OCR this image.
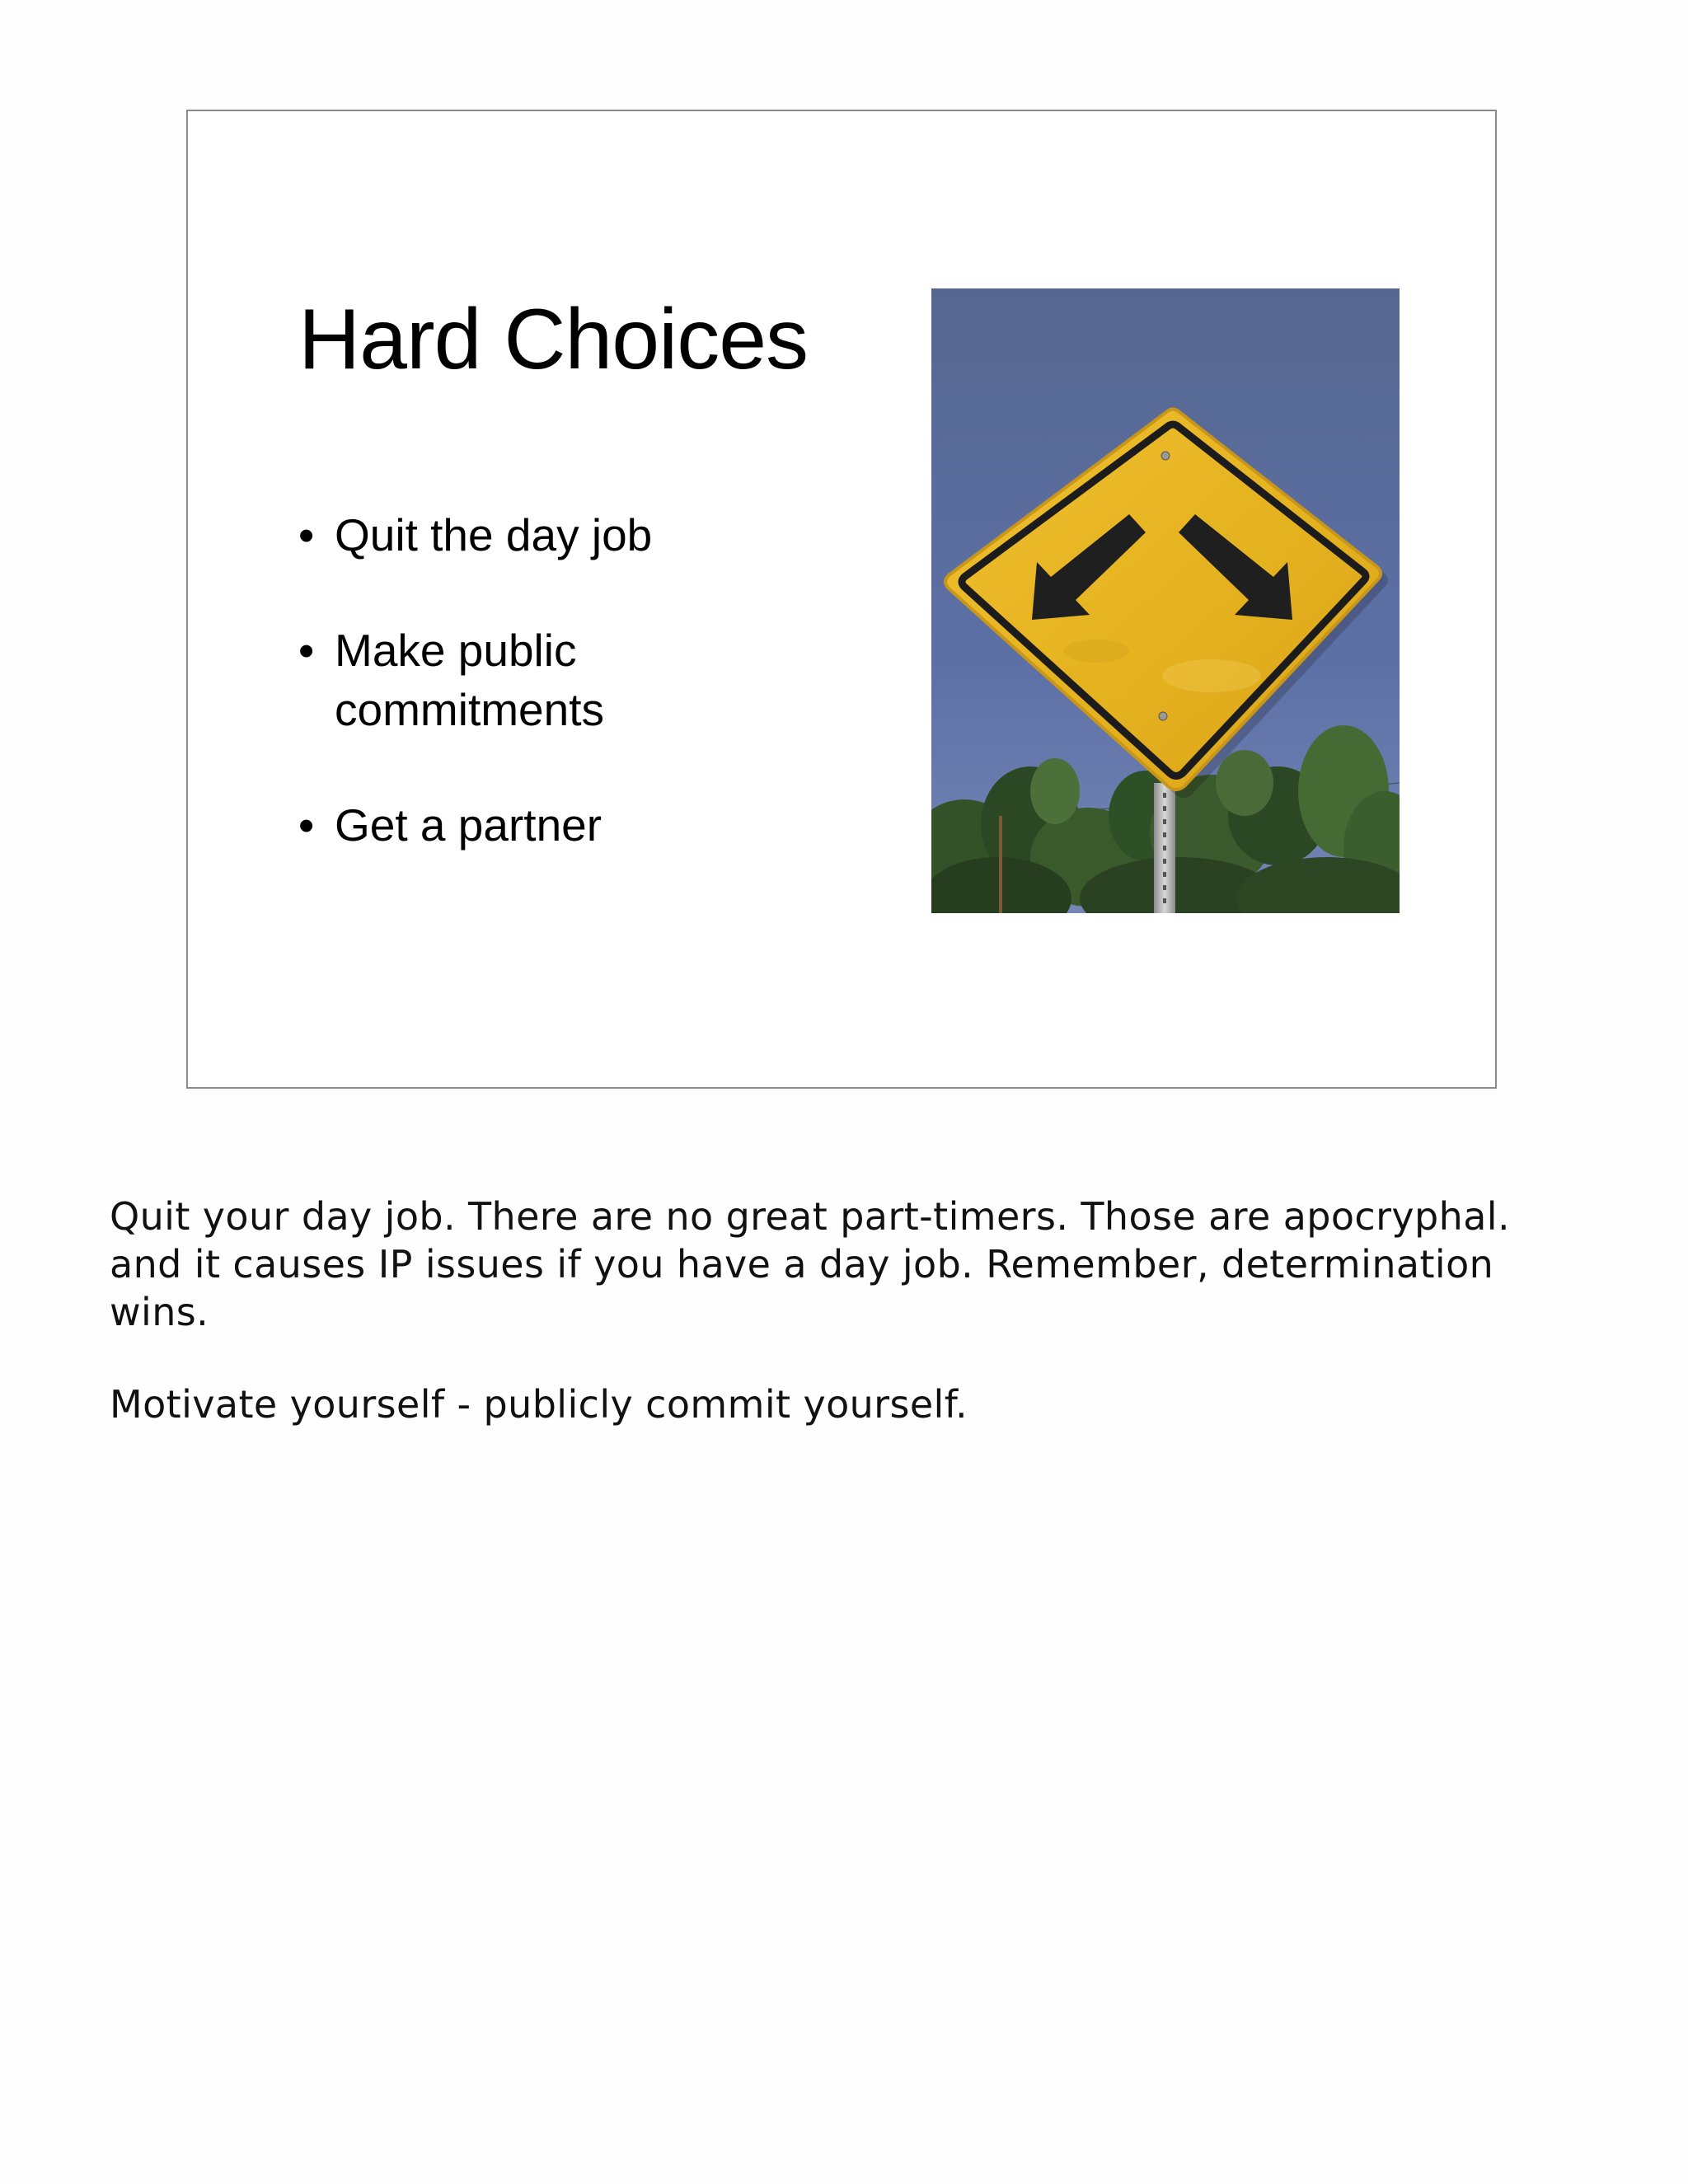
Hard Choices
• Quit the day job
• Make public commitments
• Get a partner

Quit your day job. There are no great part-timers. Those are apocryphal. and it causes IP issues if you have a day job. Remember, determination wins.

Motivate yourself - publicly commit yourself.
